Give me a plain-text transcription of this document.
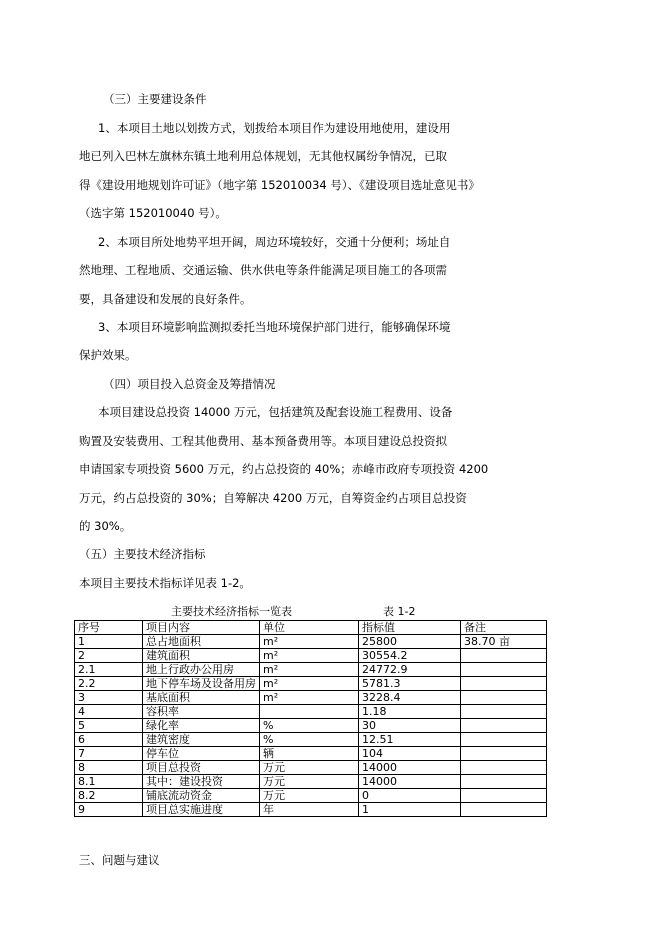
（三）主要建设条件
1、本项目土地以划拨方式，划拨给本项目作为建设用地使用，建设用
地已列入巴林左旗林东镇土地利用总体规划，无其他权属纷争情况，已取
得《建设用地规划许可证》（地字第 152010034 号）、《建设项目选址意见书》
（选字第 152010040 号）。
2、本项目所处地势平坦开阔，周边环境较好，交通十分便利；场址自
然地理、工程地质、交通运输、供水供电等条件能满足项目施工的各项需
要，具备建设和发展的良好条件。
3、本项目环境影响监测拟委托当地环境保护部门进行，能够确保环境
保护效果。
（四）项目投入总资金及筹措情况
本项目建设总投资 14000 万元，包括建筑及配套设施工程费用、设备
购置及安装费用、工程其他费用、基本预备费用等。本项目建设总投资拟
申请国家专项投资 5600 万元，约占总投资的 40%；赤峰市政府专项投资 4200
万元，约占总投资的 30%；自筹解决 4200 万元，自筹资金约占项目总投资
的 30%。
（五）主要技术经济指标
本项目主要技术指标详见表 1-2。
主要技术经济指标一览表	表 1-2
序号	项目内容	单位	指标值	备注
1	总占地面积	m²	25800	38.70 亩
2	建筑面积	m²	30554.2	
2.1	地上行政办公用房	m²	24772.9	
2.2	地下停车场及设备用房	m²	5781.3	
3	基底面积	m²	3228.4	
4	容积率		1.18	
5	绿化率	%	30	
6	建筑密度	%	12.51	
7	停车位	辆	104	
8	项目总投资	万元	14000	
8.1	其中：建设投资	万元	14000	
8.2	铺底流动资金	万元	0	
9	项目总实施进度	年	1	
三、问题与建议
